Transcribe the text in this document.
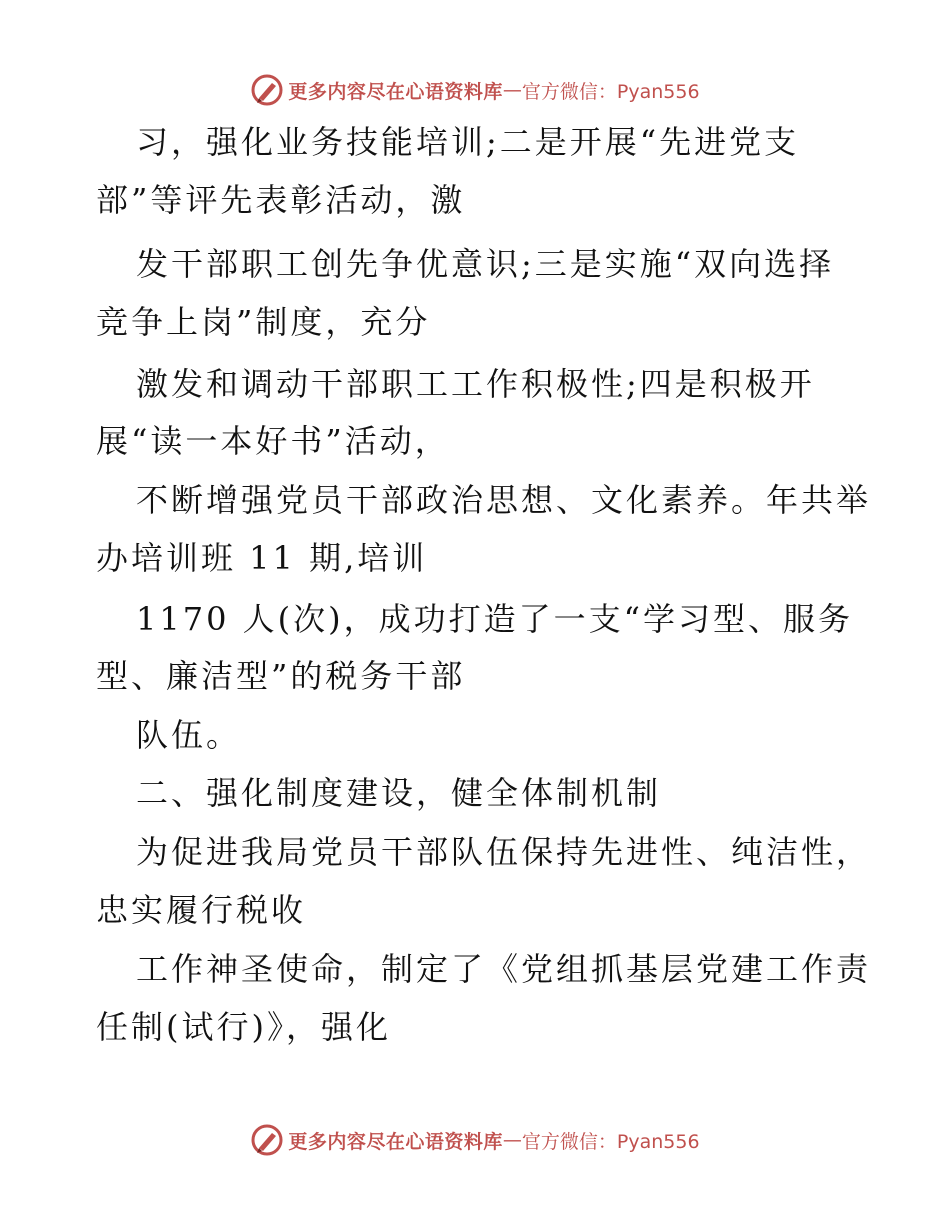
更多内容尽在心语资料库 — 官方微信：Pyan556
习，强化业务技能培训;二是开展“先进党支
部”等评先表彰活动，激
发干部职工创先争优意识;三是实施“双向选择
竞争上岗”制度，充分
激发和调动干部职工工作积极性;四是积极开
展“读一本好书”活动，
不断增强党员干部政治思想、文化素养。年共举
办培训班 11 期,培训
1170 人(次)，成功打造了一支“学习型、服务
型、廉洁型”的税务干部
队伍。
二、强化制度建设，健全体制机制
为促进我局党员干部队伍保持先进性、纯洁性，
忠实履行税收
工作神圣使命，制定了《党组抓基层党建工作责
任制(试行)》，强化
更多内容尽在心语资料库 — 官方微信：Pyan556
